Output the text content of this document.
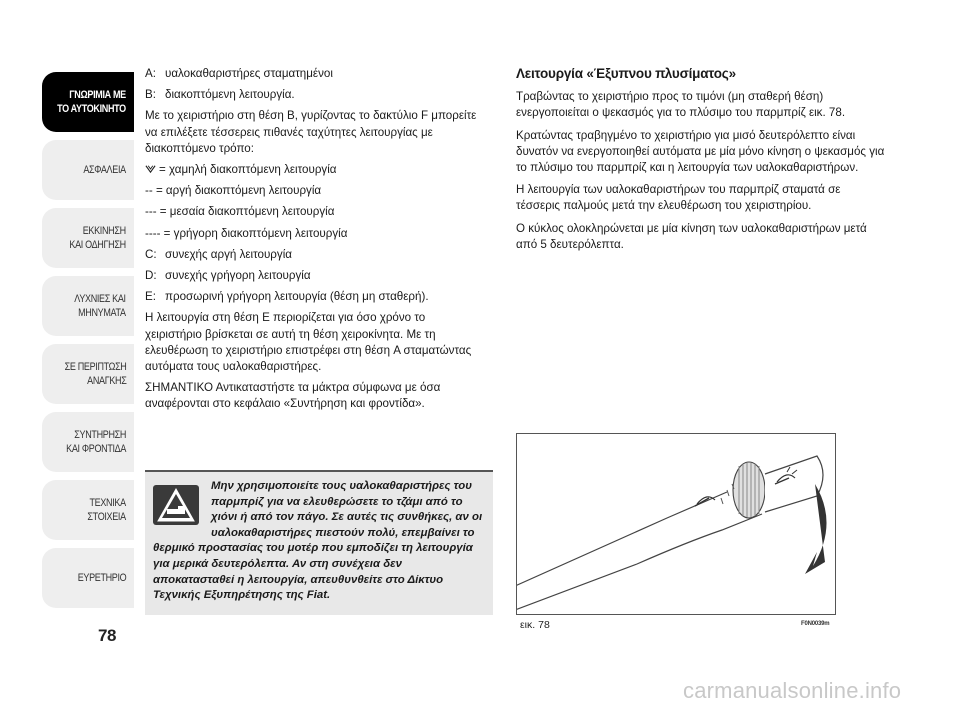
ΓΝΩΡΙΜΙΑ ΜΕ
ΤΟ ΑΥΤΟΚΙΝΗΤΟ
ΑΣΦΑΛΕΙΑ
ΕΚΚΙΝΗΣΗ
ΚΑΙ ΟΔΗΓΗΣΗ
ΛΥΧΝΙΕΣ ΚΑΙ
ΜΗΝΥΜΑΤΑ
ΣΕ ΠΕΡΙΠΤΩΣΗ
ΑΝΑΓΚΗΣ
ΣΥΝΤΗΡΗΣΗ
ΚΑΙ ΦΡΟΝΤΙΔΑ
ΤΕΧΝΙΚΑ
ΣΤΟΙΧΕΙΑ
ΕΥΡΕΤΗΡΙΟ
78

A: υαλοκαθαριστήρες σταματημένοι

B: διακοπτόμενη λειτουργία.

Με το χειριστήριο στη θέση B, γυρίζοντας το δακτύλιο F μπορείτε να επιλέξετε τέσσερεις πιθανές ταχύτητες λειτουργίας με διακοπτόμενο τρόπο:

= χαμηλή διακοπτόμενη λειτουργία

-- = αργή διακοπτόμενη λειτουργία

--- = μεσαία διακοπτόμενη λειτουργία

---- = γρήγορη διακοπτόμενη λειτουργία

C: συνεχής αργή λειτουργία

D: συνεχής γρήγορη λειτουργία

E: προσωρινή γρήγορη λειτουργία (θέση μη σταθερή).

Η λειτουργία στη θέση E περιορίζεται για όσο χρόνο το χειριστήριο βρίσκεται σε αυτή τη θέση χειροκίνητα. Με τη ελευθέρωση το χειριστήριο επιστρέφει στη θέση A σταματώντας αυτόματα τους υαλοκαθαριστήρες.

ΣΗΜΑΝΤΙΚΟ Αντικαταστήστε τα μάκτρα σύμφωνα με όσα αναφέρονται στο κεφάλαιο «Συντήρηση και φροντίδα».

Μην χρησιμοποιείτε τους υαλοκαθαριστήρες του παρμπρίζ για να ελευθερώσετε το τζάμι από το χιόνι ή από τον πάγο. Σε αυτές τις συνθήκες, αν οι υαλοκαθαριστήρες πιεστούν πολύ, επεμβαίνει το θερμικό προστασίας του μοτέρ που εμποδίζει τη λειτουργία για μερικά δευτερόλεπτα. Αν στη συνέχεια δεν αποκατασταθεί η λειτουργία, απευθυνθείτε στο Δίκτυο Τεχνικής Εξυπηρέτησης της Fiat.
Λειτουργία «Έξυπνου πλυσίματος»

Τραβώντας το χειριστήριο προς το τιμόνι (μη σταθερή θέση) ενεργοποιείται ο ψεκασμός για το πλύσιμο του παρμπρίζ εικ. 78.

Κρατώντας τραβηγμένο το χειριστήριο για μισό δευτερόλεπτο είναι δυνατόν να ενεργοποιηθεί αυτόματα με μία μόνο κίνηση ο ψεκασμός για το πλύσιμο του παρμπρίζ και η λειτουργία των υαλοκαθαριστήρων.

Η λειτουργία των υαλοκαθαριστήρων του παρμπρίζ σταματά σε τέσσερις παλμούς μετά την ελευθέρωση του χειριστηρίου.

Ο κύκλος ολοκληρώνεται με μία κίνηση των υαλοκαθαριστήρων μετά από 5 δευτερόλεπτα.

εικ. 78	F0N0039m
carmanualsonline.info
